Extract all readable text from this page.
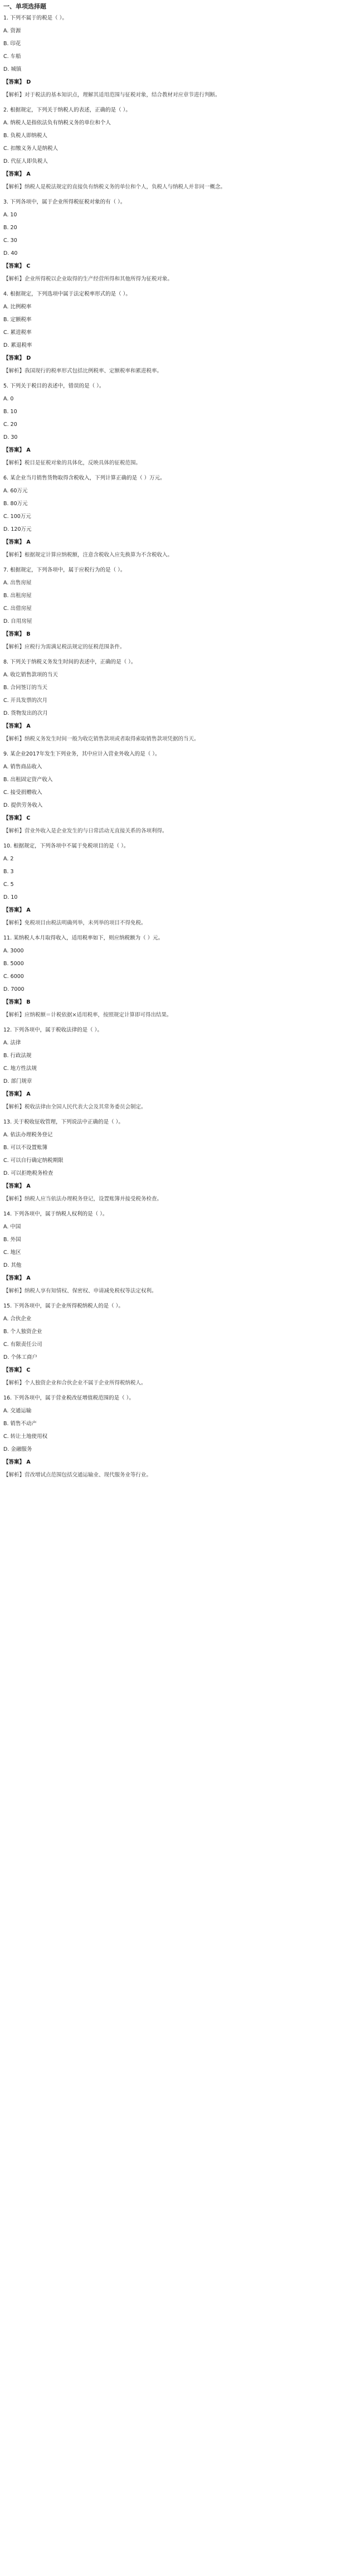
一、单项选择题
1. 下列不属于的税是（ ）。
A. 资源
B. 印花
C. 车船
D. 城镇
【答案】 D
【解析】对于税法的基本知识点，理解其适用范围与征税对象，结合教材对应章节进行判断。
2. 根据规定，下列关于纳税人的表述，正确的是（ ）。
A. 纳税人是指依法负有纳税义务的单位和个人
B. 负税人即纳税人
C. 扣缴义务人是纳税人
D. 代征人即负税人
【答案】 A
【解析】纳税人是税法规定的直接负有纳税义务的单位和个人，负税人与纳税人并非同一概念。
3. 下列各项中，属于企业所得税征税对象的有（ ）。
A. 10
B. 20
C. 30
D. 40
【答案】 C
【解析】企业所得税以企业取得的生产经营所得和其他所得为征税对象。
4. 根据规定，下列选项中属于法定税率形式的是（ ）。
A. 比例税率
B. 定额税率
C. 累进税率
D. 累退税率
【答案】 D
【解析】我国现行的税率形式包括比例税率、定额税率和累进税率。
5. 下列关于税目的表述中，错误的是（ ）。
A. 0
B. 10
C. 20
D. 30
【答案】 A
【解析】税目是征税对象的具体化，反映具体的征税范围。
6. 某企业当月销售货物取得含税收入，下列计算正确的是（ ）万元。
A. 60万元
B. 80万元
C. 100万元
D. 120万元
【答案】 A
【解析】根据规定计算应纳税额，注意含税收入应先换算为不含税收入。
7. 根据规定，下列各项中，属于应税行为的是（ ）。
A. 出售房屋
B. 出租房屋
C. 出借房屋
D. 自用房屋
【答案】 B
【解析】应税行为需满足税法规定的征税范围条件。
8. 下列关于纳税义务发生时间的表述中，正确的是（ ）。
A. 收讫销售款项的当天
B. 合同签订的当天
C. 开具发票的次月
D. 货物发出的次月
【答案】 A
【解析】纳税义务发生时间一般为收讫销售款项或者取得索取销售款项凭据的当天。
9. 某企业2017年发生下列业务，其中应计入营业外收入的是（ ）。
A. 销售商品收入
B. 出租固定资产收入
C. 接受捐赠收入
D. 提供劳务收入
【答案】 C
【解析】营业外收入是企业发生的与日常活动无直接关系的各项利得。
10. 根据规定，下列各项中不属于免税项目的是（ ）。
A. 2
B. 3
C. 5
D. 10
【答案】 A
【解析】免税项目由税法明确列举，未列举的项目不得免税。
11. 某纳税人本月取得收入，适用税率如下，则应纳税额为（ ）元。
A. 3000
B. 5000
C. 6000
D. 7000
【答案】 B
【解析】应纳税额＝计税依据×适用税率，按照规定计算即可得出结果。
12. 下列各项中，属于税收法律的是（ ）。
A. 法律
B. 行政法规
C. 地方性法规
D. 部门规章
【答案】 A
【解析】税收法律由全国人民代表大会及其常务委员会制定。
13. 关于税收征收管理，下列说法中正确的是（ ）。
A. 依法办理税务登记
B. 可以不设置账簿
C. 可以自行确定纳税期限
D. 可以拒绝税务检查
【答案】 A
【解析】纳税人应当依法办理税务登记，设置账簿并接受税务检查。
14. 下列各项中，属于纳税人权利的是（ ）。
A. 中国
B. 外国
C. 地区
D. 其他
【答案】 A
【解析】纳税人享有知情权、保密权、申请减免税权等法定权利。
15. 下列各项中，属于企业所得税纳税人的是（ ）。
A. 合伙企业
B. 个人独资企业
C. 有限责任公司
D. 个体工商户
【答案】 C
【解析】个人独资企业和合伙企业不属于企业所得税纳税人。
16. 下列各项中，属于营业税改征增值税范围的是（ ）。
A. 交通运输
B. 销售不动产
C. 转让土地使用权
D. 金融服务
【答案】 A
【解析】营改增试点范围包括交通运输业、现代服务业等行业。
